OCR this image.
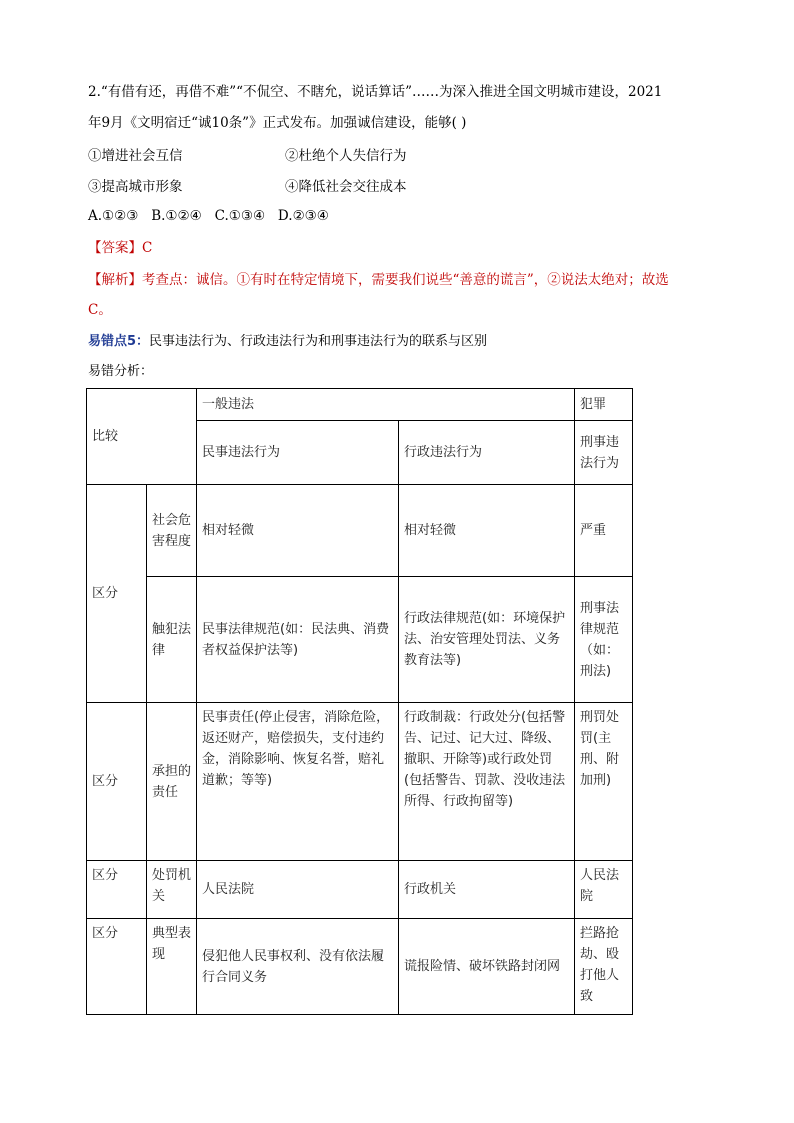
2.“有借有还，再借不难”“不侃空、不瞎允，说话算话”……为深入推进全国文明城市建设，2021
年9月《文明宿迁“诚10条”》正式发布。加强诚信建设，能够( )
①增进社会互信	②杜绝个人失信行为
③提高城市形象	④降低社会交往成本
A.①②③   B.①②④   C.①③④   D.②③④
【答案】C
【解析】考查点：诚信。①有时在特定情境下，需要我们说些“善意的谎言”，②说法太绝对；故选
C。
易错点5：民事违法行为、行政违法行为和刑事违法行为的联系与区别
易错分析：
比较		一般违法		犯罪
		民事违法行为	行政违法行为	刑事违法行为
区分	社会危害程度	相对轻微	相对轻微	严重
	触犯法律	民事法律规范(如：民法典、消费者权益保护法等)	行政法律规范(如：环境保护法、治安管理处罚法、义务教育法等)	刑事法律规范（如：刑法)
区分	承担的责任	民事责任(停止侵害，消除危险，返还财产，赔偿损失，支付违约金，消除影响、恢复名誉，赔礼道歉；等等)	行政制裁：行政处分(包括警告、记过、记大过、降级、撤职、开除等)或行政处罚(包括警告、罚款、没收违法所得、行政拘留等)	刑罚处罚(主刑、附加刑)
区分	处罚机关	人民法院	行政机关	人民法院
区分	典型表现	侵犯他人民事权利、没有依法履行合同义务	谎报险情、破坏铁路封闭网	拦路抢劫、殴打他人致
